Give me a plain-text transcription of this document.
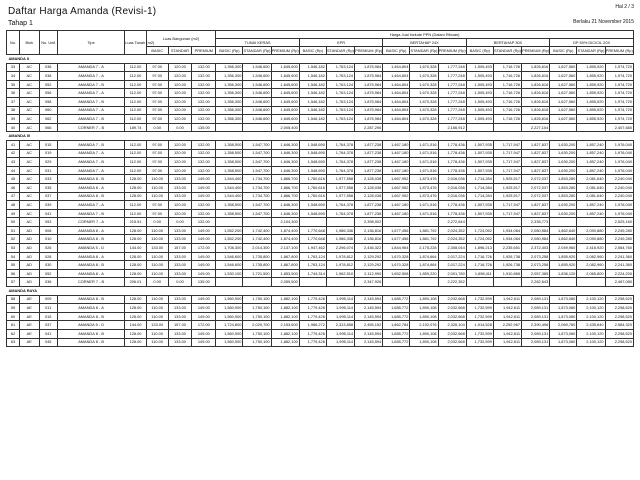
Hal 2 / 3
Daftar Harga Amanda (Revisi-1)
Tahap 1	Berlaku 21 November 2015
No.	Blok	No. Unit	Tipe	Luas Tanah (m2)	Luas Bangunan (m2)			Harga Jual include PPN (Dalam Ribuan)														
								TUNAI KERAS			KPR			BERTAHAP 24X			BERTAHAP 30X			DP 50% DICICIL 20X		
					BASIC	STANDAR	PREMIUM	BASIC (Rp)	STANDAR (Rp)	PREMIUM (Rp)	BASIC (Rp)	STANDAR (Rp)	PREMIUM (Rp)	BASIC (Rp)	STANDAR (Rp)	PREMIUM (Rp)	BASIC (Rp)	STANDAR (Rp)	PREMIUM (Rp)	BASIC (Rp)	STANDAR (Rp)	PREMIUM (Rp)
AMANDA II																						
33	AC	036	AMANDA 7 - A	112.00	97.00	120.00	132.00	1,356,300	1,546,600	1,645,600	1,546,182	1,763,124	1,875,984	1,464,804	1,670,328	1,777,248	1,505,493	1,716,726	1,826,616	1,627,560	1,855,920	1,974,720
34	AC	038	AMANDA 7 - A	112.00	97.00	120.00	132.00	1,356,300	1,546,600	1,645,600	1,546,182	1,763,124	1,875,984	1,464,804	1,670,328	1,777,248	1,505,493	1,716,726	1,826,616	1,627,560	1,855,920	1,974,720
35	AC	052	AMANDA 7 - B	112.00	97.00	120.00	132.00	1,356,300	1,546,600	1,645,600	1,546,182	1,763,124	1,875,984	1,464,804	1,670,328	1,777,248	1,505,493	1,716,726	1,826,616	1,627,560	1,855,920	1,974,720
36	AC	056	AMANDA 7 - A	112.00	97.00	120.00	132.00	1,356,300	1,546,600	1,645,600	1,546,182	1,763,124	1,875,984	1,464,804	1,670,328	1,777,248	1,505,493	1,716,726	1,826,616	1,627,560	1,855,920	1,974,720
37	AC	058	AMANDA 7 - B	112.00	97.00	120.00	132.00	1,356,300	1,546,600	1,645,600	1,546,182	1,763,124	1,875,984	1,464,804	1,670,328	1,777,248	1,505,493	1,716,726	1,826,616	1,627,560	1,855,920	1,974,720
38	AC	060	AMANDA 7 - A	112.00	97.00	120.00	132.00	1,356,300	1,546,600	1,645,600	1,546,182	1,763,124	1,875,984	1,464,804	1,670,328	1,777,248	1,505,493	1,716,726	1,826,616	1,627,560	1,855,920	1,974,720
39	AC	062	AMANDA 7 - B	112.00	97.00	120.00	132.00	1,356,300	1,546,600	1,645,600	1,546,182	1,763,124	1,875,984	1,464,804	1,670,328	1,777,248	1,505,493	1,716,726	1,826,616	1,627,560	1,855,920	1,974,720
40	AC	066	CORNER 7 - B	189.74	0.00	0.00	135.00			2,005,400			2,287,296			2,166,912			2,227,104			2,407,680
AMANDA III																						
41	AC	015	AMANDA 7 - B	112.00	97.00	120.00	132.00	1,358,500	1,547,700	1,646,300	1,548,690	1,764,378	1,877,238	1,467,180	1,671,516	1,778,436	1,507,935	1,717,947	1,827,837	1,630,200	1,857,240	1,976,040
42	AC	019	AMANDA 7 - A	112.00	97.00	120.00	132.00	1,358,500	1,547,700	1,646,300	1,548,690	1,764,378	1,877,238	1,467,180	1,671,516	1,778,436	1,507,935	1,717,947	1,827,837	1,630,200	1,857,240	1,976,040
43	AC	029	AMANDA 7 - B	112.00	97.00	120.00	132.00	1,358,500	1,547,700	1,646,300	1,548,690	1,764,378	1,877,238	1,467,180	1,671,516	1,778,436	1,507,935	1,717,947	1,827,837	1,630,200	1,857,240	1,976,040
44	AC	031	AMANDA 7 - A	112.00	97.00	120.00	132.00	1,358,500	1,547,700	1,646,300	1,548,690	1,764,378	1,877,238	1,467,180	1,671,516	1,778,436	1,507,935	1,717,947	1,827,837	1,630,200	1,857,240	1,976,040
45	AC	033	AMANDA 8 - B	128.00	110.00	133.00	149.00	1,544,400	1,734,700	1,866,700	1,760,616	1,977,558	2,128,038	1,667,952	1,873,476	2,016,036	1,714,284	1,925,517	2,072,037	1,853,280	2,081,640	2,240,040
46	AC	035	AMANDA 8 - A	128.00	110.00	133.00	149.00	1,544,400	1,734,700	1,866,700	1,760,616	1,977,558	2,128,038	1,667,952	1,873,476	2,016,036	1,714,284	1,925,517	2,072,037	1,853,280	2,081,640	2,240,040
47	AC	037	AMANDA 8 - B	128.00	110.00	133.00	149.00	1,544,400	1,734,700	1,866,700	1,760,616	1,977,558	2,128,038	1,667,952	1,873,476	2,016,036	1,714,284	1,925,517	2,072,037	1,853,280	2,081,640	2,240,040
48	AC	039	AMANDA 7 - A	112.00	97.00	120.00	132.00	1,358,500	1,547,700	1,646,300	1,548,690	1,764,378	1,877,238	1,467,180	1,671,516	1,778,436	1,507,935	1,717,947	1,827,837	1,630,200	1,857,240	1,976,040
49	AC	041	AMANDA 7 - B	112.00	97.00	120.00	132.00	1,358,500	1,547,700	1,646,300	1,548,690	1,764,378	1,877,238	1,467,180	1,671,516	1,778,436	1,507,935	1,717,947	1,827,837	1,630,200	1,857,240	1,976,040
50	AC	053	CORNER 7 - A	215.51	0.00	0.00	132.00			2,104,300			2,398,902			2,272,644			2,335,773			2,525,160
51	AD	008	AMANDA 8 - A	128.00	110.00	133.00	149.00	1,552,200	1,742,400	1,874,400	1,770,648	1,986,336	2,136,816	1,677,456	1,881,792	2,024,352	1,724,052	1,934,064	2,080,584	1,862,640	2,090,880	2,249,280
52	AD	010	AMANDA 8 - B	128.00	110.00	133.00	149.00	1,552,200	1,742,400	1,874,400	1,770,648	1,986,336	2,136,816	1,677,456	1,881,792	2,024,352	1,724,052	1,934,064	2,080,584	1,862,640	2,090,880	2,249,280
53	AD	026	AMANDA 5 - D	144.00	133.00	157.00	172.00	1,708,300	2,014,300	2,137,100	1,947,462	2,296,074	2,436,322	1,844,964	2,175,228	2,308,044	1,896,213	2,235,651	2,372,403	2,049,960	2,416,920	2,564,760
54	AD	028	AMANDA 8 - A	128.00	110.00	133.00	149.00	1,546,600	1,735,800	1,867,800	1,763,124	1,978,812	2,129,292	1,670,328	1,874,664	2,017,224	1,716,726	1,926,738	2,073,258	1,855,920	2,082,960	2,241,360
55	AD	030	AMANDA 8 - B	128.00	110.00	133.00	149.00	1,546,600	1,735,800	1,867,800	1,763,124	1,978,812	2,129,292	1,670,328	1,874,664	2,017,224	1,716,726	1,926,738	2,073,258	1,855,920	2,082,960	2,241,360
56	AD	052	AMANDA 8 - A	128.00	110.00	133.00	149.00	1,530,100	1,721,500	1,853,500	1,744,314	1,962,510	2,112,990	1,652,508	1,859,220	2,001,780	1,698,411	1,910,865	2,057,385	1,836,120	2,065,800	2,224,200
57	AD	036	CORNER 7 - B	206.01	0.00	0.00	135.00			2,059,500			2,347,926			2,222,352			2,282,643			2,467,080
AMANDA RAYA																						
58	AE	009	AMANDA 8 - B	128.00	110.00	133.00	149.00	1,560,900	1,750,100	1,882,100	1,779,426	1,995,114	2,145,594	1,685,772	1,890,108	2,032,668	1,732,599	1,942,611	2,089,131	1,873,080	2,100,120	2,258,520
59	AE	011	AMANDA 8 - A	128.00	110.00	133.00	149.00	1,560,900	1,750,100	1,882,100	1,779,426	1,995,114	2,145,594	1,685,772	1,890,108	2,032,668	1,732,599	1,942,611	2,089,131	1,873,080	2,100,120	2,258,520
60	AE	015	AMANDA 8 - B	128.00	110.00	133.00	149.00	1,560,900	1,750,100	1,882,100	1,779,426	1,995,114	2,145,594	1,685,772	1,890,108	2,032,668	1,732,599	1,942,611	2,089,131	1,873,080	2,100,120	2,258,520
61	AE	037	AMANDA 5 - D	144.00	133.00	157.00	172.00	1,724,800	2,029,700	2,153,600	1,966,272	2,313,858	2,455,152	1,862,784	2,192,076	2,326,104	1,914,528	2,252,967	2,390,496	2,069,760	2,435,640	2,584,320
62	AE	041	AMANDA 8 - B	128.00	110.00	133.00	149.00	1,560,900	1,750,100	1,882,100	1,779,426	1,995,114	2,145,594	1,685,772	1,890,108	2,032,668	1,732,599	1,942,611	2,089,131	1,873,080	2,100,120	2,258,520
63	AE	045	AMANDA 8 - B	128.00	110.00	133.00	149.00	1,560,900	1,750,100	1,882,100	1,779,426	1,995,114	2,145,594	1,685,772	1,890,108	2,032,668	1,732,599	1,942,611	2,089,131	1,873,080	2,100,120	2,258,520
